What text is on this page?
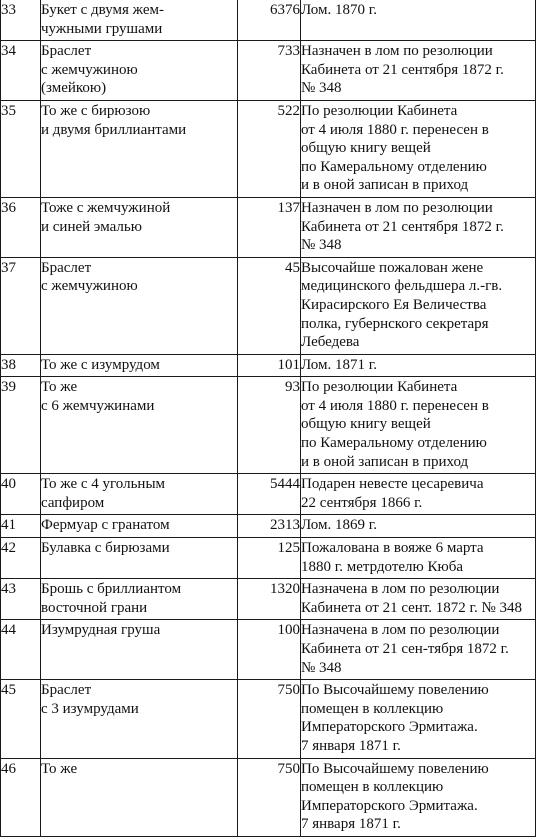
33	Букет с двумя жем-
чужными грушами	6376	Лом. 1870 г.
34	Браслет
с жемчужиною
(змейкою)	733	Назначен в лом по резолюции
Кабинета от 21 сентября 1872 г.
№ 348
35	То же с бирюзою
и двумя бриллиантами	522	По резолюции Кабинета
от 4 июля 1880 г. перенесен в
общую книгу вещей
по Камеральному отделению
и в оной записан в приход
36	Тоже с жемчужиной
и синей эмалью	137	Назначен в лом по резолюции
Кабинета от 21 сентября 1872 г.
№ 348
37	Браслет
с жемчужиною	45	Высочайше пожалован жене
медицинского фельдшера л.-гв.
Кирасирского Ея Величества
полка, губернского секретаря
Лебедева
38	То же с изумрудом	101	Лом. 1871 г.
39	То же
с 6 жемчужинами	93	По резолюции Кабинета
от 4 июля 1880 г. перенесен в
общую книгу вещей
по Камеральному отделению
и в оной записан в приход
40	То же с 4 угольным
сапфиром	5444	Подарен невесте цесаревича
22 сентября 1866 г.
41	Фермуар с гранатом	2313	Лом. 1869 г.
42	Булавка с бирюзами	125	Пожалована в вояже 6 марта
1880 г. метрдотелю Кюба
43	Брошь с бриллиантом
восточной грани	1320	Назначена в лом по резолюции
Кабинета от 21 сент. 1872 г. № 348
44	Изумрудная груша	100	Назначена в лом по резолюции
Кабинета от 21 сен-тября 1872 г.
№ 348
45	Браслет
с 3 изумрудами	750	По Высочайшему повелению
помещен в коллекцию
Императорского Эрмитажа.
7 января 1871 г.
46	То же	750	По Высочайшему повелению
помещен в коллекцию
Императорского Эрмитажа.
7 января 1871 г.
